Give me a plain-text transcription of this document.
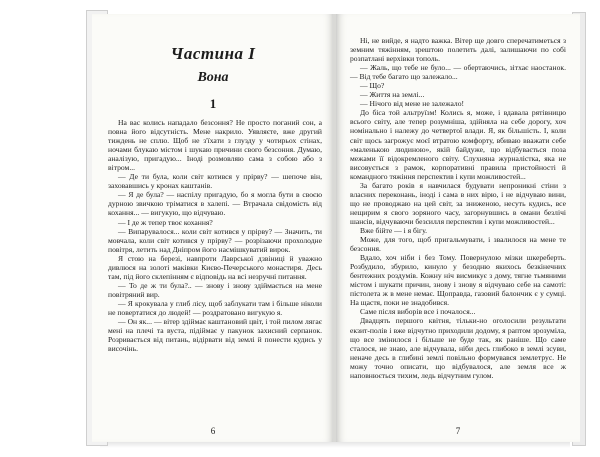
Частина I
Вона
1

На вас колись нападало безсоння? Не просто поганий сон, а повна його відсутність. Мене накрило. Уявляєте, вже другий тиждень не сплю. Щоб не з'їхати з глузду у чотирьох стінах, ночами блукаю містом і шукаю причини свого безсоння. Думаю, аналізую, пригадую... Іноді розмовляю сама з собою або з вітром...

— Де ти була, коли світ котився у прірву? — шепоче він, заховавшись у кронах каштанів.

— Я де була? — наспілу пригадую, бо я могла бути в своєю дурною звичкою тріматися в халепі. — Втрачала свідомість від кохання... — вигукую, що відчуваю.

— І де ж тепер твоє кохання?

— Випарувалося... коли світ котився у прірву? — Значить, ти мовчала, коли світ котився у прірву? — розрізаючи прохолодне повітря, летить над Дніпром його насмішкуватий вирок.

Я стою на березі, навпроти Лаврської дзвіниці й уважно дивлюся на золоті маківки Києво-Печерського монастиря. Десь там, під його склепінням є відповідь на всі незручні питання.

— То де ж ти була?.. — знову і знову здіймається на мене повітряний вир.

— Я крокувала у глиб лісу, щоб заблукати там і більше ніколи не повертатися до людей! — роздратовано вигукую я.

— Он як... — вітер здіймає каштановий цвіт, і той пилом лягає мені на плечі та вуста, підіймає у пакунок захисний серпанок. Розривається від питань, відірвати від землі й понести кудись у височінь.

6

Ні, не вийде, я надто важка. Вітер ще довго сперечатиметься з земним тяжінням, зрештою полетить далі, залишаючи по собі розпатлані верхівки тополь.

— Жаль, що тебе не було... — обертаючись, зітхає наостанок. — Від тебе багато що залежало...

— Що?

— Життя на землі...

— Нічого від мене не залежало!

До біса той альтруїзм! Колись я, може, і вдавала рятівницю всього світу, але тепер розумніша, здійняла на себе дорогу, хоч номінально і належу до четвертої влади. Я, як більшість. І, коли світ щось загрожує моєї втратою комфорту, вбиваю вважати себе «маленькою людиною», якій байдуже, що відбувається поза межами її відокремленого світу. Слухняна журналістка, яка не висовується з рамок, корпоративні правила пристойності й командного тяжіння перспектив і купи можливостей...

За багато років я навчилася будувати непроникні стіни з власних переконань, іноді і сама в них вірю, і не відчуваю вини, що не проводжаю на цей світ, за зниженою, несуть кудись, все нещирим я свого зоряного часу, загорнувшись в омани безлічі шансів, відчуваючи безсилля перспектив і купи можливостей...

Вже бійте — і я бігу.

Може, для того, щоб пригальмувати, і звалилося на мене те безсоння.

Вдало, хоч ніби і без Тому. Повернулою мізки шкереберть. Розбудило, збурило, кинуло у безодню якихось безкінечних бентежних роздумів. Кожну ніч висмикує з дому, тягне тьмяними містом і шукати причин, знову і знову я відчуваю себе на самоті: пістолета ж в мене немає. Щоправда, газовий балончик є у сумці. На щастя, поки не знадобився.

Саме після виборів все і почалося...

Двадцять першого квітня, тільки-но оголосили результати екзит-полів і вже відчутно приходили додому, я раптом зрозуміла, що все змінилося і більше не буде так, як раніше. Що саме сталося, не знаю, але відчувала, ніби десь глибоко в землі зсуви, неначе десь в глибині землі повільно формувався землетрус. Не можу точно описати, що відбувалося, але земля все ж наповнюється тихим, ледь відчутним гулом.

7
